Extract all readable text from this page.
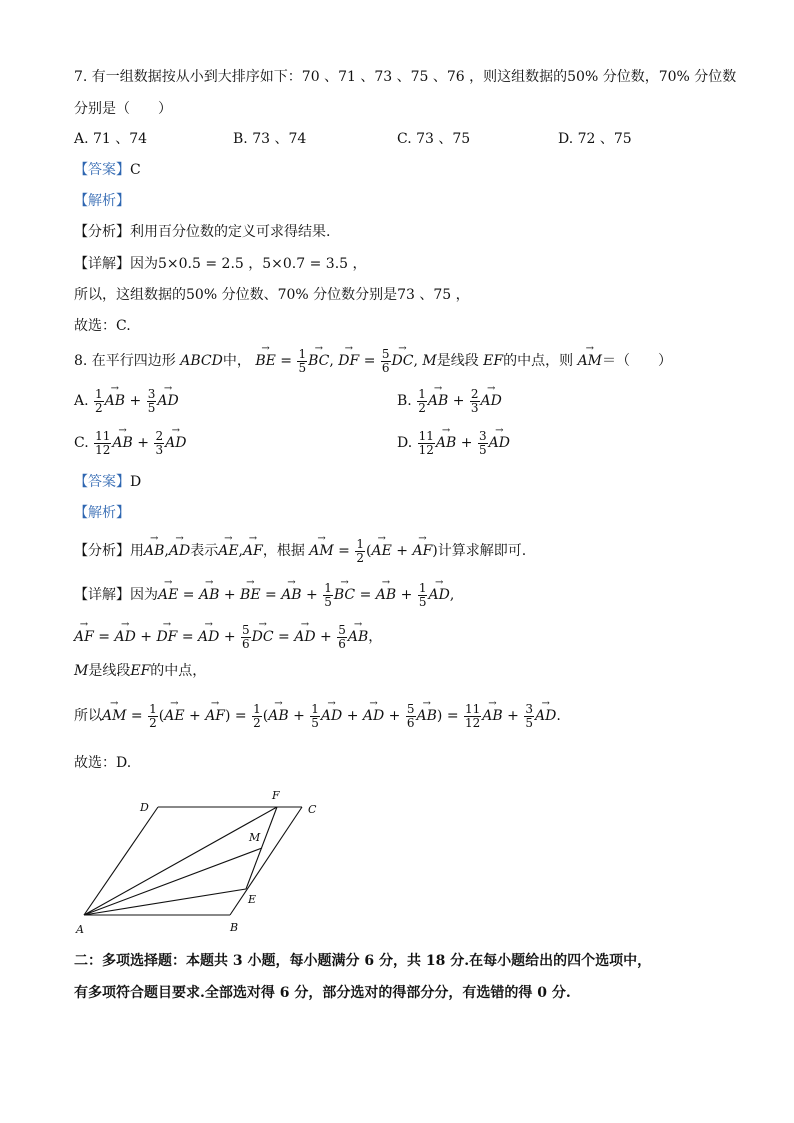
7. 有一组数据按从小到大排序如下：70 、71 、73 、75 、76 ，则这组数据的50% 分位数，70% 分位数
分别是（　　）
A. 71 、74	B. 73 、74	C. 73 、75	D. 72 、75
【答案】C
【解析】
【分析】利用百分位数的定义可求得结果.
【详解】因为5×0.5 = 2.5 ，5×0.7 = 3.5 ，
所以，这组数据的50% 分位数、70% 分位数分别是73 、75 ，
故选：C.
8. 在平行四边形 ABCD中， → BE = $\frac{1}{5}$
→ BC, → DF = $\frac{5}{6}$
→ DC, M是线段 EF的中点，则 → AM＝（　　）
A. $\frac{1}{2}$
→ AB + $\frac{3}{5}$
→ AD	B. $\frac{1}{2}$
→ AB + $\frac{2}{3}$
→ AD
C. $\frac{11}{12}$
→ AB + $\frac{2}{3}$
→ AD	D. $\frac{11}{12}$
→ AB + $\frac{3}{5}$
→ AD
【答案】D
【解析】
【分析】用→ AB,→ AD表示→ AE,→ AF，根据 → AM = $\frac{1}{2}$ (→ AE + → AF)计算求解即可.
【详解】因为→ AE = → AB + → BE = → AB + $\frac{1}{5}$
→ BC = → AB + $\frac{1}{5}$
→ AD,
→ AF = → AD + → DF = → AD + $\frac{5}{6}$
→ DC = → AD + $\frac{5}{6}$
→ AB，
M是线段EF的中点，
所以→ AM = $\frac{1}{2}$ (→ AE + → $AF) = \frac{1}{2}$ (→ AB + $\frac{1}{5}$
→ AD + → AD + $\frac{5}{6}$
→ $AB) = \frac{11}{12}$
→ AB + $\frac{3}{5}$
→ AD.
故选：D.
A	B
C
D
E
F
M
二：多项选择题：本题共 3 小题，每小题满分 6 分，共 18 分.在每小题给出的四个选项中，
有多项符合题目要求.全部选对得 6 分，部分选对的得部分分，有选错的得 0 分.
